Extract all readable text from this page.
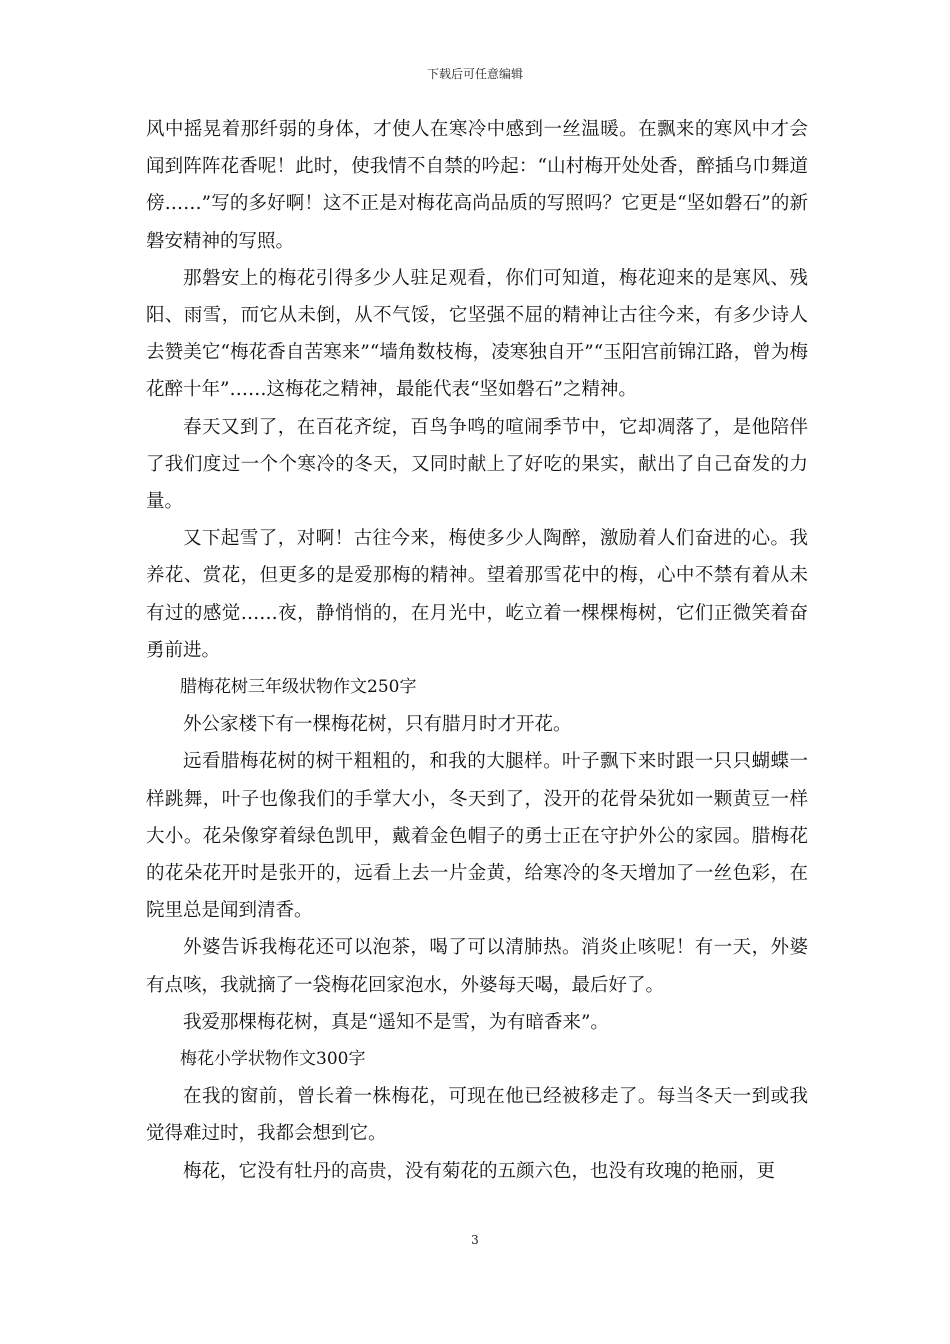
下载后可任意编辑

风中摇晃着那纤弱的身体，才使人在寒冷中感到一丝温暖。在飘来的寒风中才会闻到阵阵花香呢！此时，使我情不自禁的吟起：“山村梅开处处香，醉插乌巾舞道傍……”写的多好啊！这不正是对梅花高尚品质的写照吗？它更是“坚如磐石”的新磐安精神的写照。

那磐安上的梅花引得多少人驻足观看，你们可知道，梅花迎来的是寒风、残阳、雨雪，而它从未倒，从不气馁，它坚强不屈的精神让古往今来，有多少诗人去赞美它“梅花香自苦寒来”“墙角数枝梅，凌寒独自开”“玉阳宫前锦江路，曾为梅花醉十年”……这梅花之精神，最能代表“坚如磐石”之精神。

春天又到了，在百花齐绽，百鸟争鸣的喧闹季节中，它却凋落了，是他陪伴了我们度过一个个寒冷的冬天，又同时献上了好吃的果实，献出了自己奋发的力量。

又下起雪了，对啊！古往今来，梅使多少人陶醉，激励着人们奋进的心。我养花、赏花，但更多的是爱那梅的精神。望着那雪花中的梅，心中不禁有着从未有过的感觉……夜，静悄悄的，在月光中，屹立着一棵棵梅树，它们正微笑着奋勇前进。

腊梅花树三年级状物作文250字

外公家楼下有一棵梅花树，只有腊月时才开花。

远看腊梅花树的树干粗粗的，和我的大腿样。叶子飘下来时跟一只只蝴蝶一样跳舞，叶子也像我们的手掌大小，冬天到了，没开的花骨朵犹如一颗黄豆一样大小。花朵像穿着绿色凯甲，戴着金色帽子的勇士正在守护外公的家园。腊梅花的花朵花开时是张开的，远看上去一片金黄，给寒冷的冬天增加了一丝色彩，在院里总是闻到清香。

外婆告诉我梅花还可以泡茶，喝了可以清肺热。消炎止咳呢！有一天，外婆有点咳，我就摘了一袋梅花回家泡水，外婆每天喝，最后好了。

我爱那棵梅花树，真是“遥知不是雪，为有暗香来”。

梅花小学状物作文300字

在我的窗前，曾长着一株梅花，可现在他已经被移走了。每当冬天一到或我觉得难过时，我都会想到它。

梅花，它没有牡丹的高贵，没有菊花的五颜六色，也没有玫瑰的艳丽，更

3
